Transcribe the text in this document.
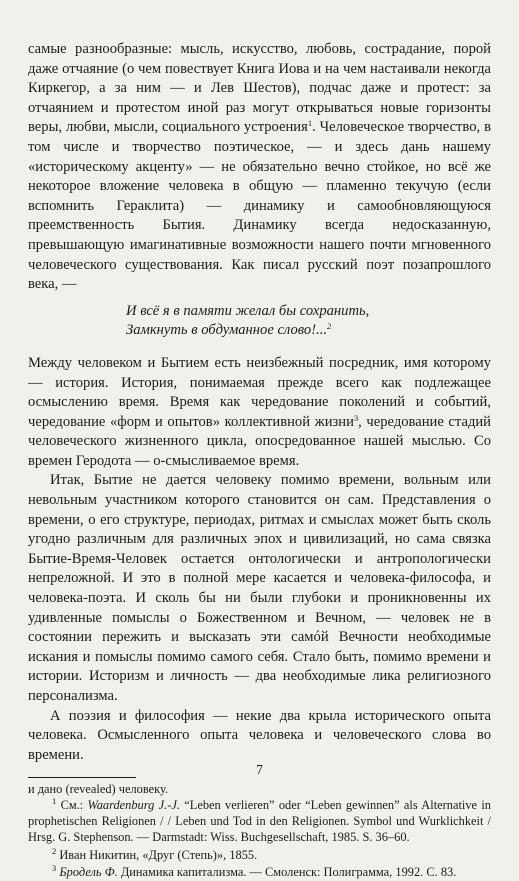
самые разнообразные: мысль, искусство, любовь, сострадание, порой даже отчаяние (о чем повествует Книга Иова и на чем настаивали некогда Киркегор, а за ним — и Лев Шестов), подчас даже и протест: за отчаянием и протестом иной раз могут открываться новые горизонты веры, любви, мысли, социального устроения$^1$. Человеческое творчество, в том числе и творчество поэтическое, — и здесь дань нашему «историческому акценту» — не обязательно вечно стойкое, но всё же некоторое вложение человека в общую — пламенно текучую (если вспомнить Гераклита) — динамику и самообновляющуюся преемственность Бытия. Динамику всегда недосказанную, превышающую имагинативные возможности нашего почти мгновенного человеческого существования. Как писал русский поэт позапрошлого века, —

И всё я в памяти желал бы сохранить,
Замкнуть в обдуманное слово!...$^2$

Между человеком и Бытием есть неизбежный посредник, имя которому — история. История, понимаемая прежде всего как подлежащее осмыслению время. Время как чередование поколений и событий, чередование «форм и опытов» коллективной жизни$^3$, чередование стадий человеческого жизненного цикла, опосредованное нашей мыслью. Со времен Геродота — о-смысливаемое время.

Итак, Бытие не дается человеку помимо времени, вольным или невольным участником которого становится он сам. Представления о времени, о его структуре, периодах, ритмах и смыслах может быть сколь угодно различным для различных эпох и цивилизаций, но сама связка Бытие-Время-Человек остается онтологически и антропологически непреложной. И это в полной мере касается и человека-философа, и человека-поэта. И сколь бы ни были глубоки и проникновенны их удивленные помыслы о Божественном и Вечном, — человек не в состоянии пережить и высказать эти самóй Вечности необходимые искания и помыслы помимо самого себя. Стало быть, помимо времени и истории. Историзм и личность — два необходимые лика религиозного персонализма.

А поэзия и философия — некие два крыла исторического опыта человека. Осмысленного опыта человека и человеческого слова во времени.

и дано (revealed) человеку.

$^1$ См.: Waardenburg J.-J. “Leben verlieren” oder “Leben gewinnen” als Alternative in prophetischen Religionen / / Leben und Tod in den Religionen. Symbol und Wurklichkeit / Hrsg. G. Stephenson. — Darmstadt: Wiss. Buchgesellschaft, 1985. S. 36–60.

$^2$ Иван Никитин, «Друг (Степь)», 1855.

$^3$ Бродель Ф. Динамика капитализма. — Смоленск: Полиграмма, 1992. С. 83.

7
